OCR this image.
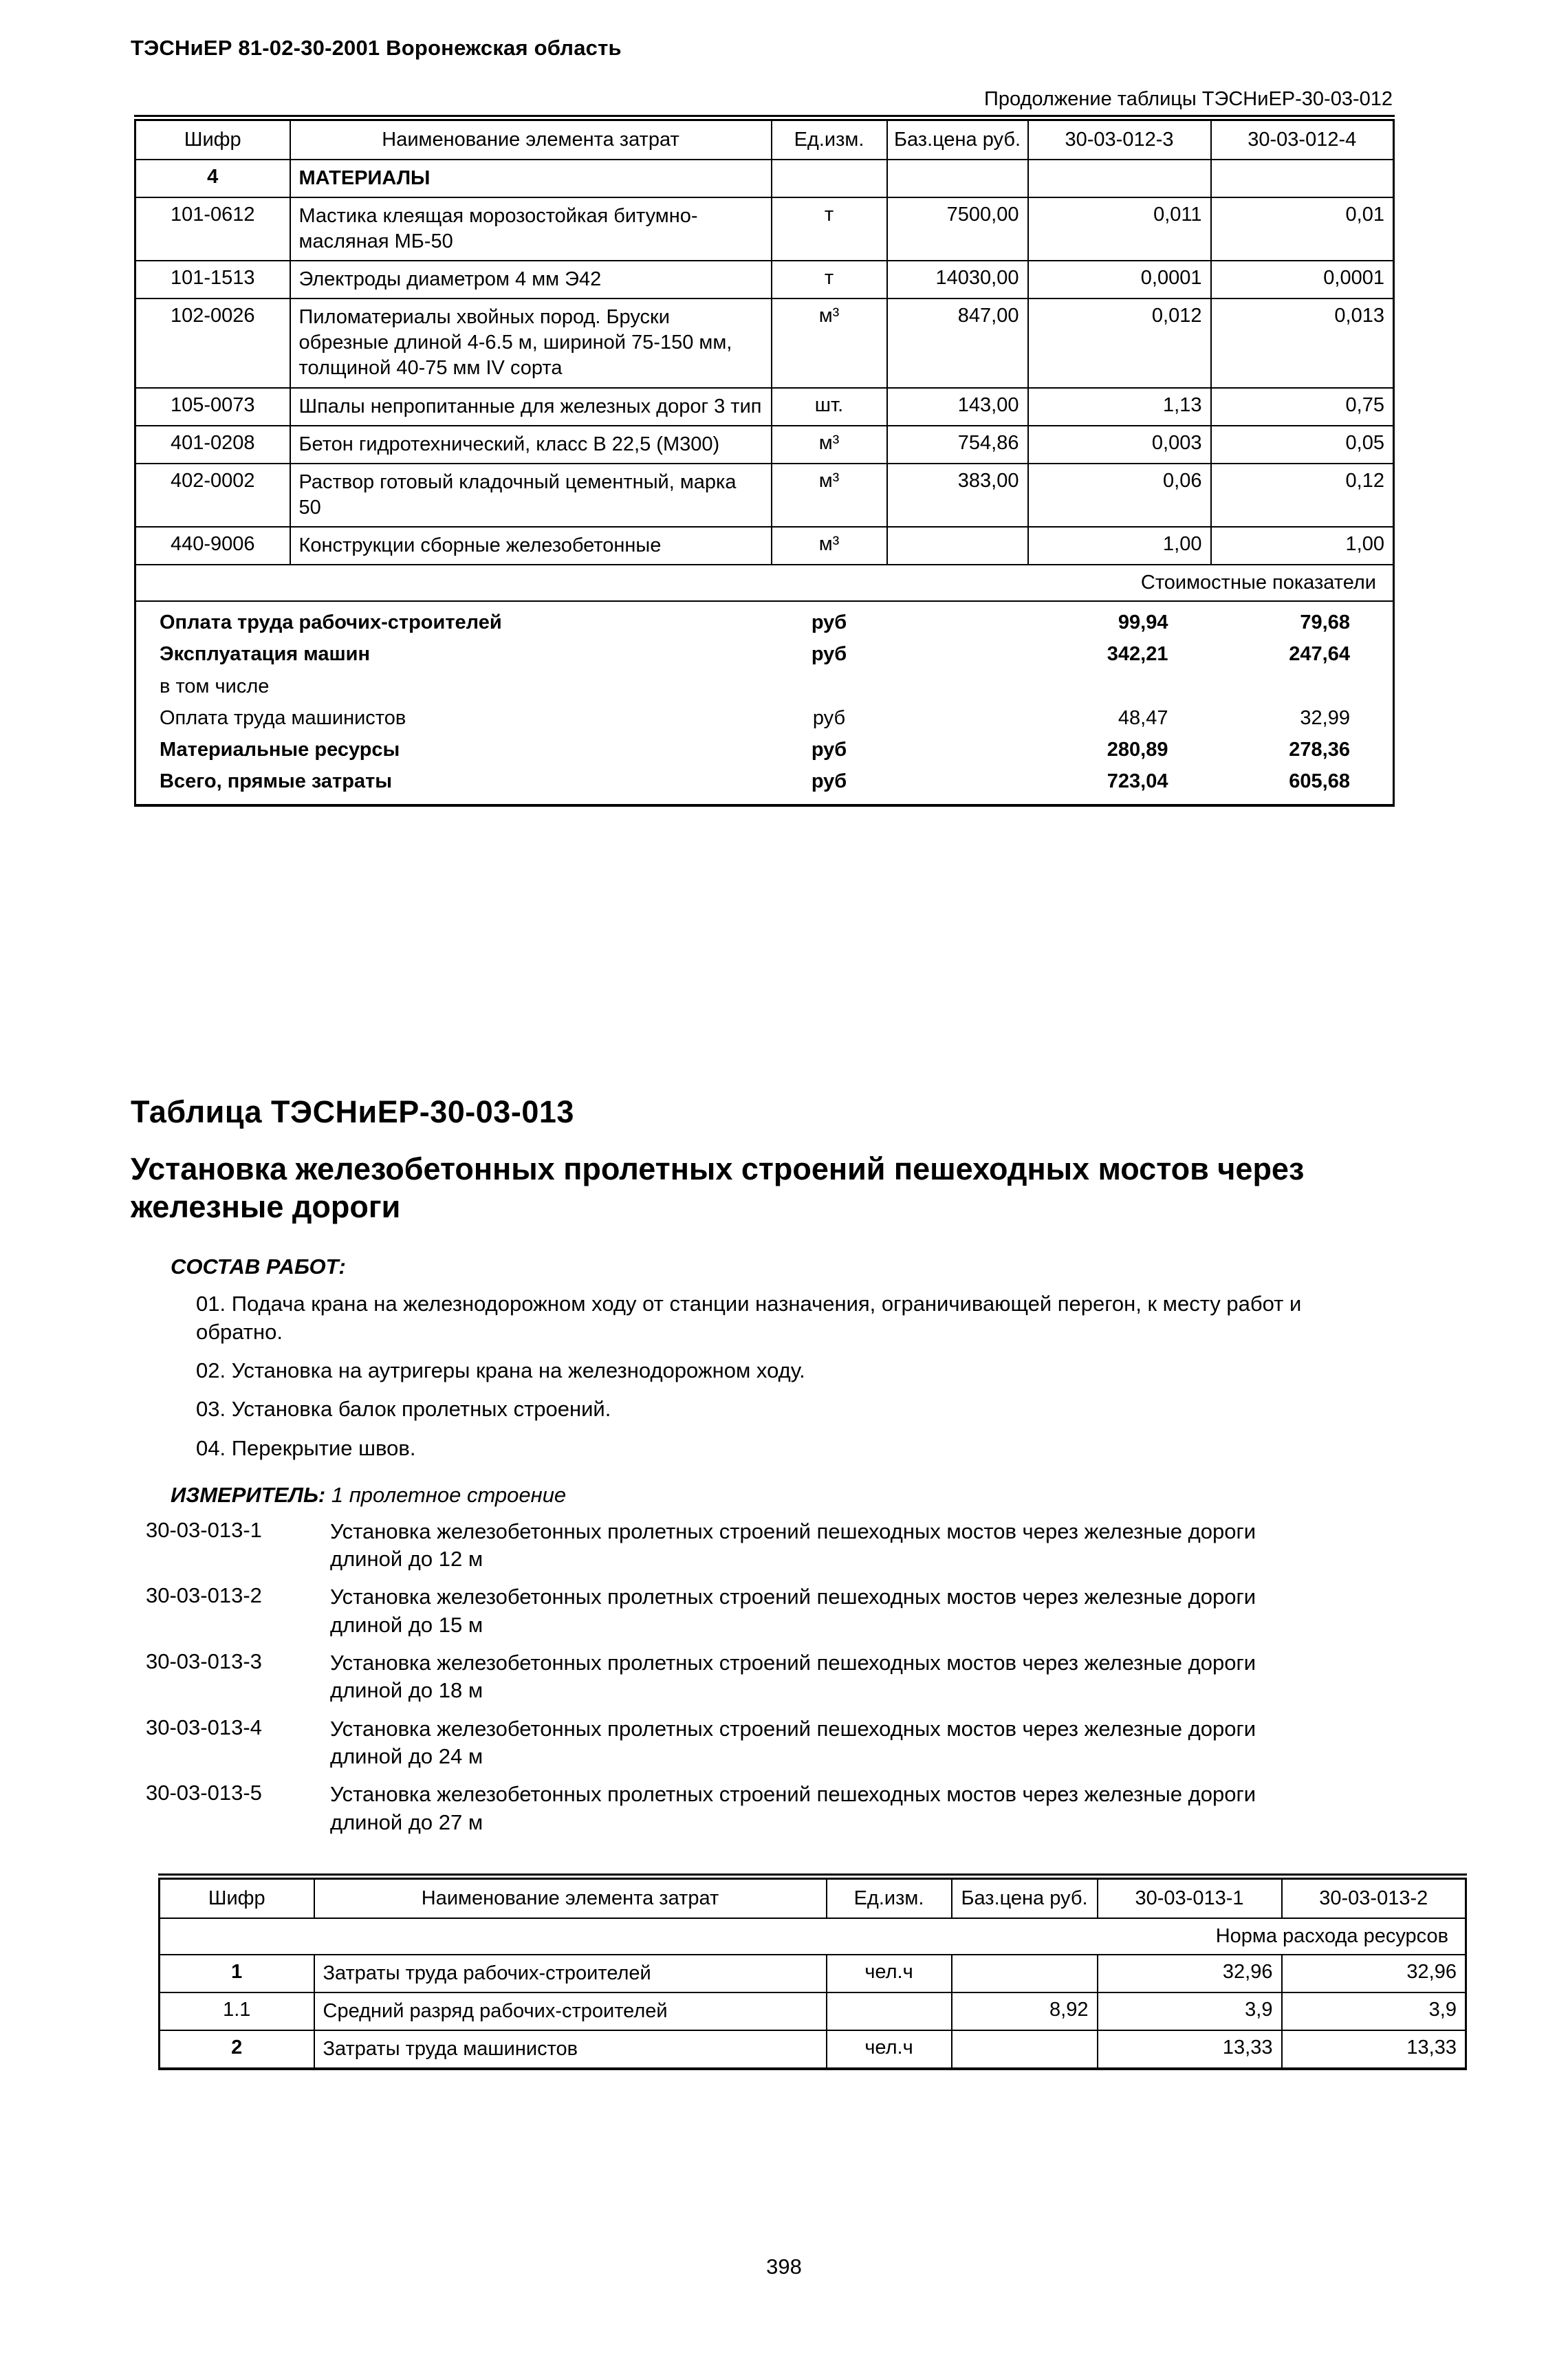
ТЭСНиЕР 81-02-30-2001 Воронежская область
Продолжение таблицы ТЭСНиЕР-30-03-012
Шифр	Наименование элемента затрат	Ед.изм.	Баз.цена руб.	30-03-012-3	30-03-012-4
4	МАТЕРИАЛЫ				
101-0612	Мастика клеящая морозостойкая битумно-масляная МБ-50	т	7500,00	0,011	0,01
101-1513	Электроды диаметром 4 мм Э42	т	14030,00	0,0001	0,0001
102-0026	Пиломатериалы хвойных пород. Бруски обрезные длиной 4-6.5 м, шириной 75-150 мм, толщиной 40-75 мм IV сорта	м³	847,00	0,012	0,013
105-0073	Шпалы непропитанные для железных дорог 3 тип	шт.	143,00	1,13	0,75
401-0208	Бетон гидротехнический, класс В 22,5 (М300)	м³	754,86	0,003	0,05
402-0002	Раствор готовый кладочный цементный, марка 50	м³	383,00	0,06	0,12
440-9006	Конструкции сборные железобетонные	м³		1,00	1,00
Стоимостные показатели					
Оплата труда рабочих-строителей		руб		99,94	79,68
Эксплуатация машин		руб		342,21	247,64
в том числе					
Оплата труда машинистов		руб		48,47	32,99
Материальные ресурсы		руб		280,89	278,36
Всего, прямые затраты		руб		723,04	605,68
Таблица ТЭСНиЕР-30-03-013
Установка железобетонных пролетных строений пешеходных мостов через железные дороги
СОСТАВ РАБОТ:
01. Подача крана на железнодорожном ходу от станции назначения, ограничивающей перегон, к месту работ и обратно.
02. Установка на аутригеры крана на железнодорожном ходу.
03. Установка балок пролетных строений.
04. Перекрытие швов.
ИЗМЕРИТЕЛЬ: 1 пролетное строение
30-03-013-1	Установка железобетонных пролетных строений пешеходных мостов через железные дороги длиной до 12 м
30-03-013-2	Установка железобетонных пролетных строений пешеходных мостов через железные дороги длиной до 15 м
30-03-013-3	Установка железобетонных пролетных строений пешеходных мостов через железные дороги длиной до 18 м
30-03-013-4	Установка железобетонных пролетных строений пешеходных мостов через железные дороги длиной до 24 м
30-03-013-5	Установка железобетонных пролетных строений пешеходных мостов через железные дороги длиной до 27 м
Шифр	Наименование элемента затрат	Ед.изм.	Баз.цена руб.	30-03-013-1	30-03-013-2
Норма расхода ресурсов					
1	Затраты труда рабочих-строителей	чел.ч		32,96	32,96
1.1	Средний разряд рабочих-строителей		8,92	3,9	3,9
2	Затраты труда машинистов	чел.ч		13,33	13,33
398
